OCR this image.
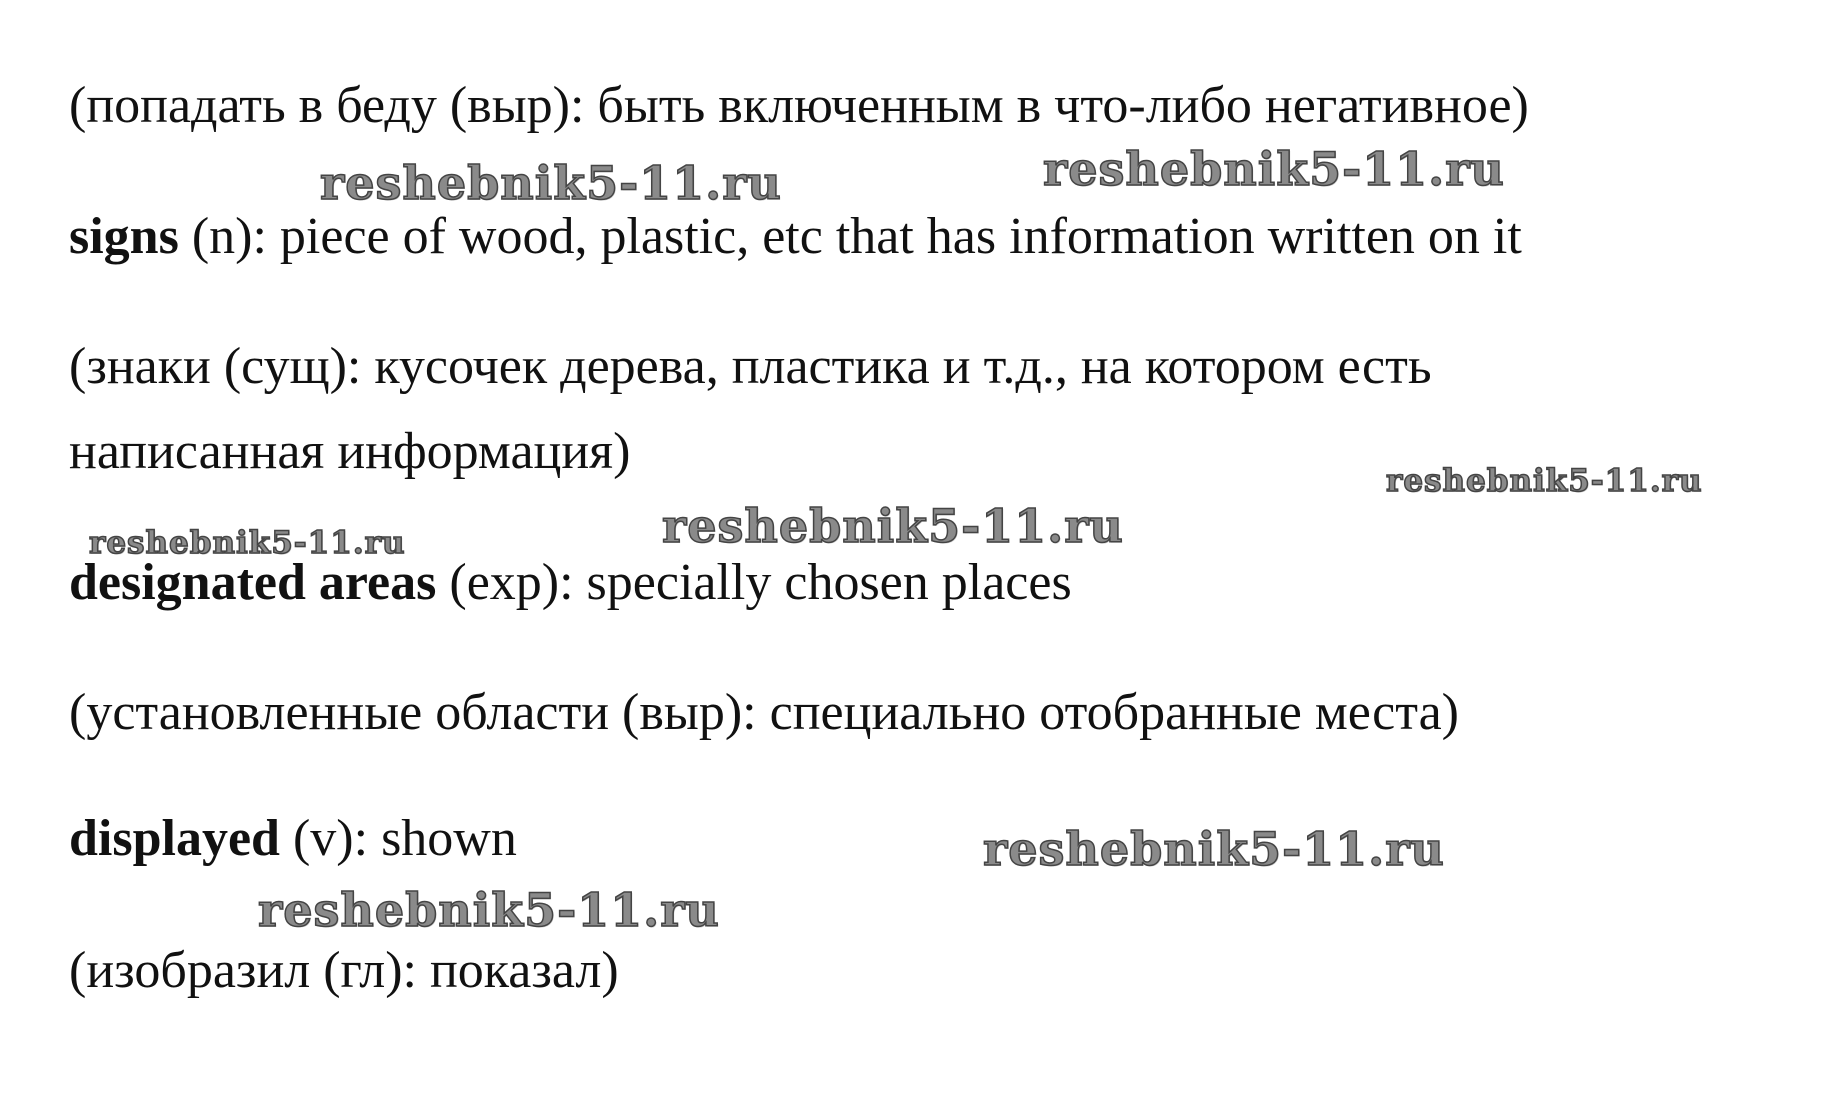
(попадать в беду (выр): быть включенным в что-либо негативное)
signs (n): piece of wood, plastic, etc that has information written on it
(знаки (сущ): кусочек дерева, пластика и т.д., на котором есть
написанная информация)
designated areas (exp): specially chosen places
(установленные области (выр): специально отобранные места)
displayed (v): shown
(изобразил (гл): показал)
reshebnik5-11.ru	reshebnik5-11.ru
reshebnik5-11.ru
reshebnik5-11.ru	reshebnik5-11.ru
reshebnik5-11.ru
reshebnik5-11.ru
